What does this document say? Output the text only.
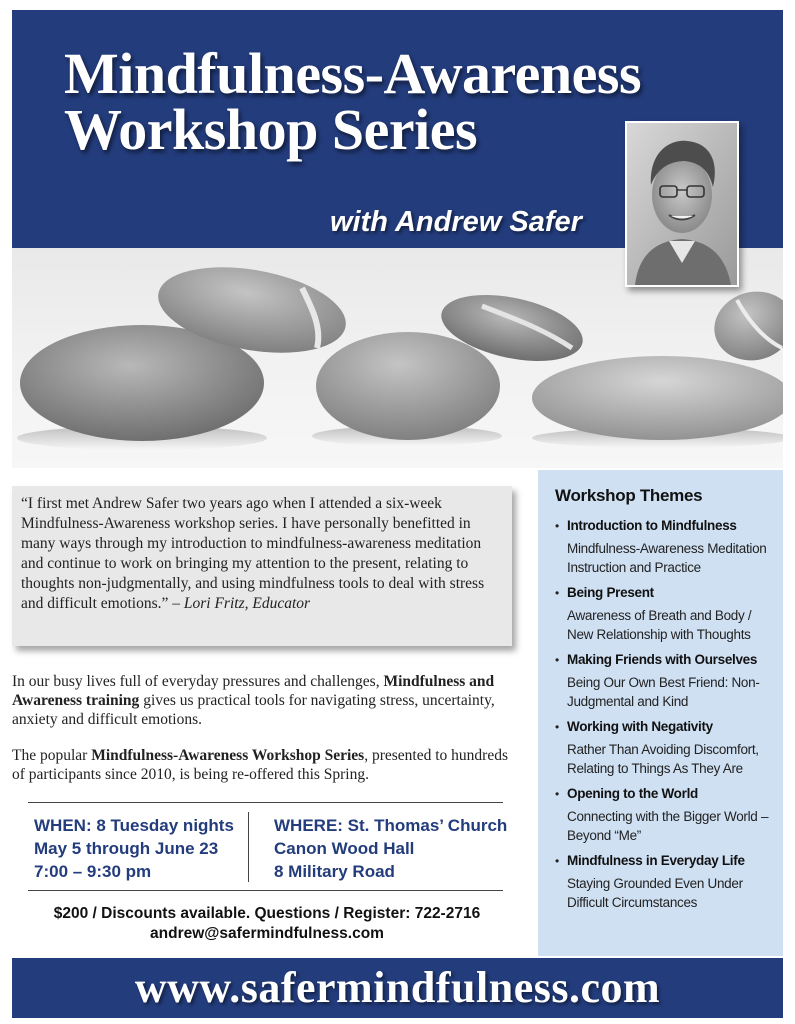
Mindfulness-Awareness
Workshop Series
with Andrew Safer
“I first met Andrew Safer two years ago when I attended a six-week Mindfulness-Awareness workshop series. I have personally benefitted in many ways through my introduction to mindfulness-awareness meditation and continue to work on bringing my attention to the present, relating to thoughts non-judgmentally, and using mindfulness tools to deal with stress and difficult emotions.” – Lori Fritz, Educator
In our busy lives full of everyday pressures and challenges, Mindfulness and Awareness training gives us practical tools for navigating stress, uncertainty, anxiety and difficult emotions.
The popular Mindfulness-Awareness Workshop Series, presented to hundreds of participants since 2010, is being re-offered this Spring.
WHEN: 8 Tuesday nights
May 5 through June 23
7:00 – 9:30 pm
WHERE: St. Thomas’ Church
Canon Wood Hall
8 Military Road
$200 / Discounts available. Questions / Register: 722-2716
andrew@safermindfulness.com
Workshop Themes
• Introduction to Mindfulness
Mindfulness-Awareness Meditation Instruction and Practice
• Being Present
Awareness of Breath and Body / New Relationship with Thoughts
• Making Friends with Ourselves
Being Our Own Best Friend: Non-Judgmental and Kind
• Working with Negativity
Rather Than Avoiding Discomfort, Relating to Things As They Are
• Opening to the World
Connecting with the Bigger World – Beyond “Me”
• Mindfulness in Everyday Life
Staying Grounded Even Under Difficult Circumstances
www.safermindfulness.com
